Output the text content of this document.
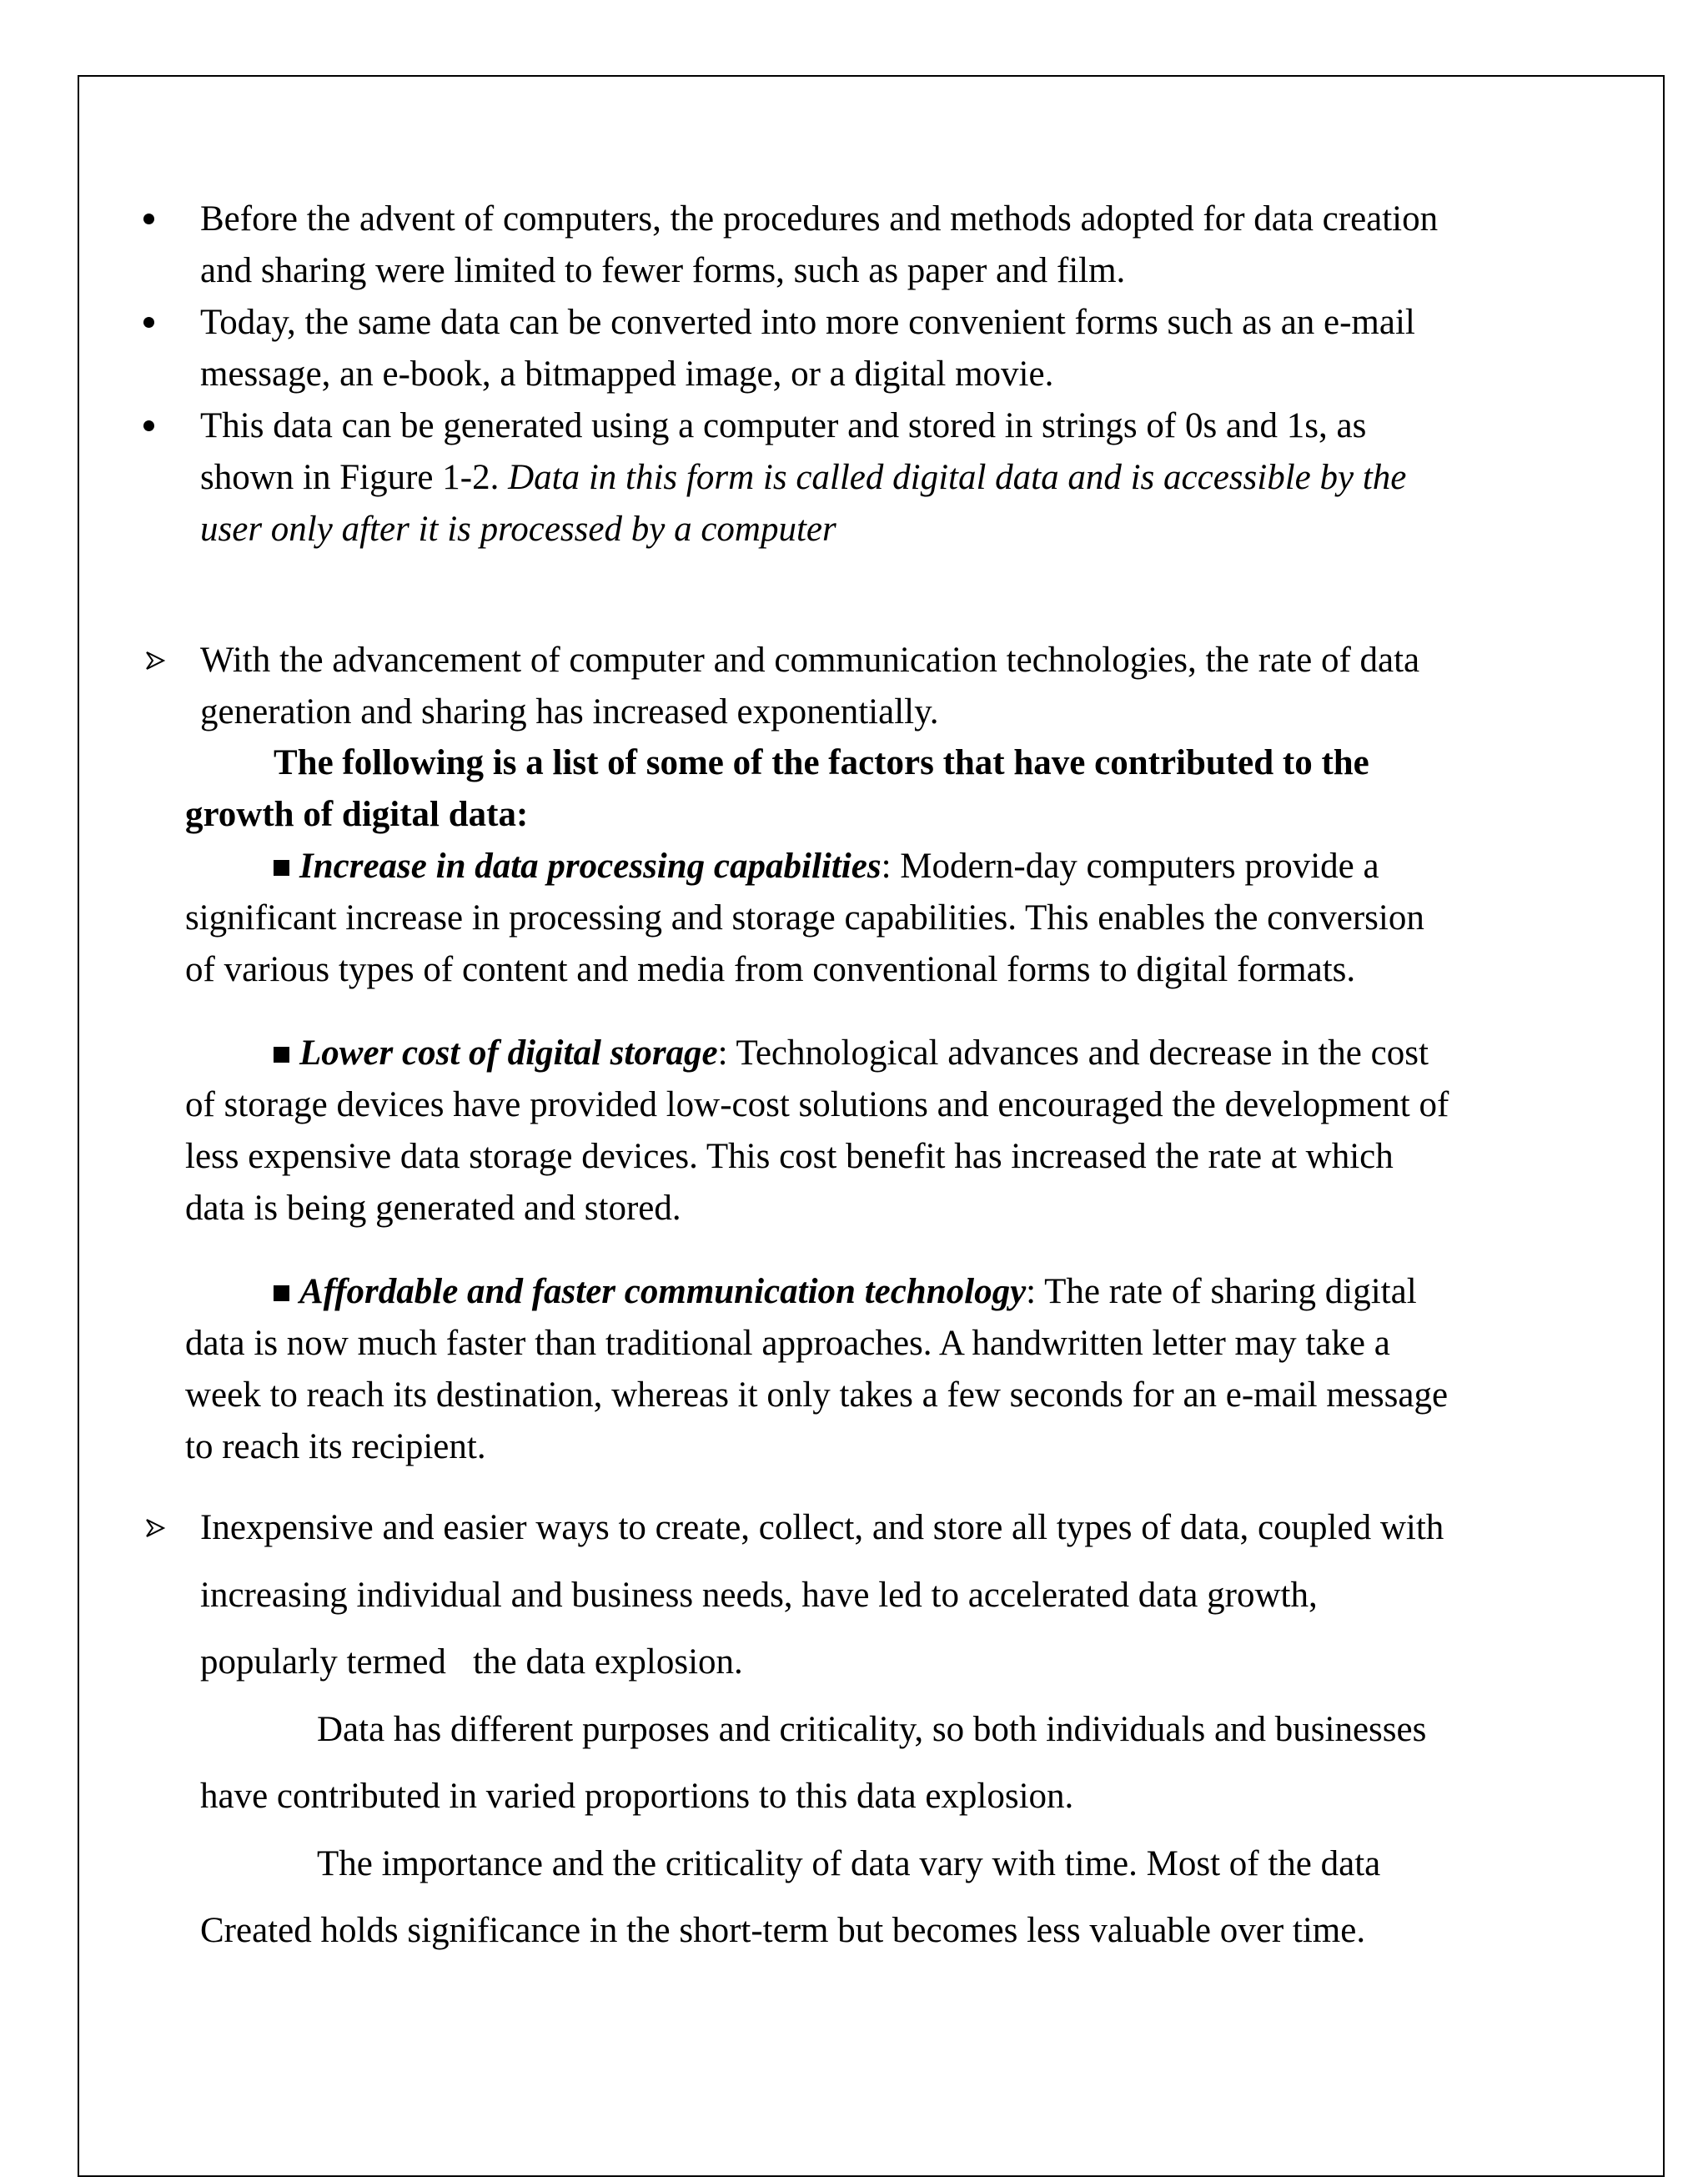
Before the advent of computers, the procedures and methods adopted for data creation
and sharing were limited to fewer forms, such as paper and film.
Today, the same data can be converted into more convenient forms such as an e-mail
message, an e-book, a bitmapped image, or a digital movie.
This data can be generated using a computer and stored in strings of 0s and 1s, as
shown in Figure 1-2. Data in this form is called digital data and is accessible by the
user only after it is processed by a computer
With the advancement of computer and communication technologies, the rate of data
generation and sharing has increased exponentially.
The following is a list of some of the factors that have contributed to the
growth of digital data:
Increase in data processing capabilities: Modern-day computers provide a
significant increase in processing and storage capabilities. This enables the conversion
of various types of content and media from conventional forms to digital formats.
Lower cost of digital storage: Technological advances and decrease in the cost
of storage devices have provided low-cost solutions and encouraged the development of
less expensive data storage devices. This cost benefit has increased the rate at which
data is being generated and stored.
Affordable and faster communication technology: The rate of sharing digital
data is now much faster than traditional approaches. A handwritten letter may take a
week to reach its destination, whereas it only takes a few seconds for an e-mail message
to reach its recipient.
Inexpensive and easier ways to create, collect, and store all types of data, coupled with
increasing individual and business needs, have led to accelerated data growth,
popularly termed   the data explosion.
Data has different purposes and criticality, so both individuals and businesses
have contributed in varied proportions to this data explosion.
The importance and the criticality of data vary with time. Most of the data
Created holds significance in the short-term but becomes less valuable over time.
